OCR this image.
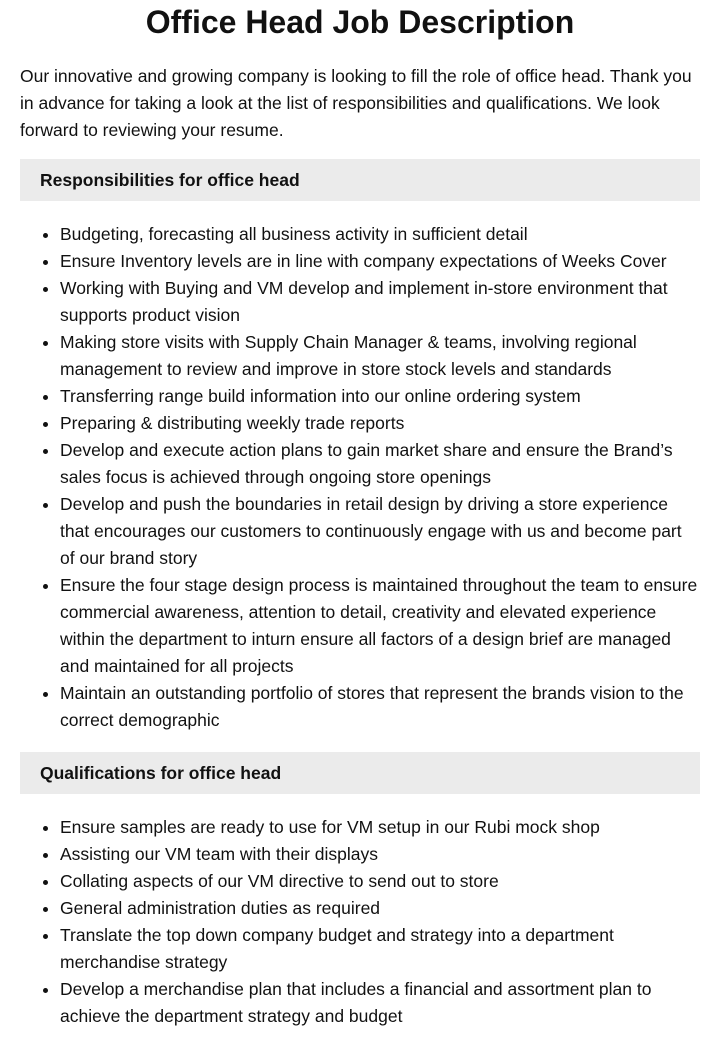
Office Head Job Description

Our innovative and growing company is looking to fill the role of office head. Thank you in advance for taking a look at the list of responsibilities and qualifications. We look forward to reviewing your resume.

Responsibilities for office head
• Budgeting, forecasting all business activity in sufficient detail
• Ensure Inventory levels are in line with company expectations of Weeks Cover
• Working with Buying and VM develop and implement in-store environment that supports product vision
• Making store visits with Supply Chain Manager & teams, involving regional management to review and improve in store stock levels and standards
• Transferring range build information into our online ordering system
• Preparing & distributing weekly trade reports
• Develop and execute action plans to gain market share and ensure the Brand’s sales focus is achieved through ongoing store openings
• Develop and push the boundaries in retail design by driving a store experience that encourages our customers to continuously engage with us and become part of our brand story
• Ensure the four stage design process is maintained throughout the team to ensure commercial awareness, attention to detail, creativity and elevated experience within the department to inturn ensure all factors of a design brief are managed and maintained for all projects
• Maintain an outstanding portfolio of stores that represent the brands vision to the correct demographic
Qualifications for office head
• Ensure samples are ready to use for VM setup in our Rubi mock shop
• Assisting our VM team with their displays
• Collating aspects of our VM directive to send out to store
• General administration duties as required
• Translate the top down company budget and strategy into a department merchandise strategy
• Develop a merchandise plan that includes a financial and assortment plan to achieve the department strategy and budget
